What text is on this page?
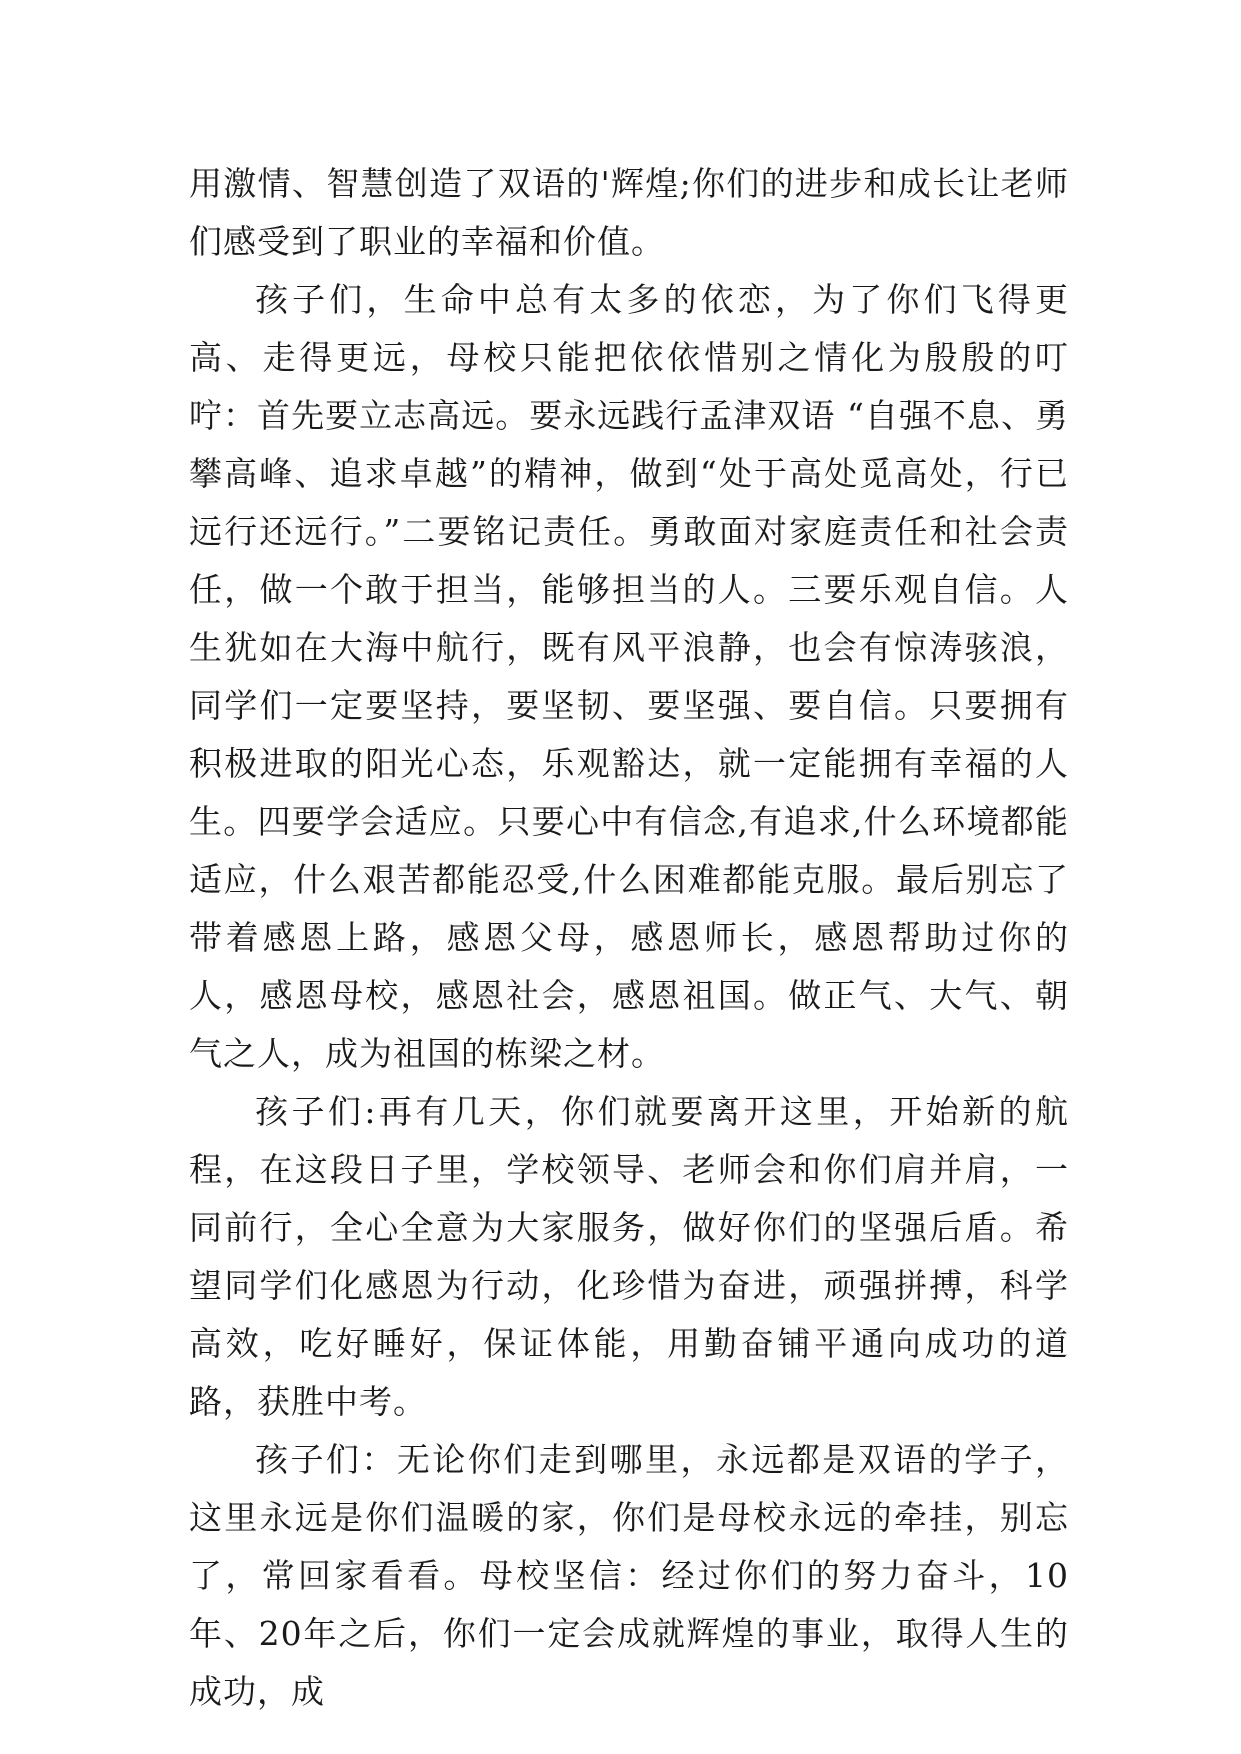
用激情、智慧创造了双语的'辉煌;你们的进步和成长让老师们感受到了职业的幸福和价值。

孩子们，生命中总有太多的依恋，为了你们飞得更高、走得更远，母校只能把依依惜别之情化为殷殷的叮咛：首先要立志高远。要永远践行孟津双语 “自强不息、勇攀高峰、追求卓越”的精神，做到“处于高处觅高处，行已远行还远行。”二要铭记责任。勇敢面对家庭责任和社会责任，做一个敢于担当，能够担当的人。三要乐观自信。人生犹如在大海中航行，既有风平浪静，也会有惊涛骇浪，同学们一定要坚持，要坚韧、要坚强、要自信。只要拥有积极进取的阳光心态，乐观豁达，就一定能拥有幸福的人生。四要学会适应。只要心中有信念,有追求,什么环境都能适应，什么艰苦都能忍受,什么困难都能克服。最后别忘了带着感恩上路，感恩父母，感恩师长，感恩帮助过你的人，感恩母校，感恩社会，感恩祖国。做正气、大气、朝气之人，成为祖国的栋梁之材。

孩子们:再有几天，你们就要离开这里，开始新的航程，在这段日子里，学校领导、老师会和你们肩并肩，一同前行，全心全意为大家服务，做好你们的坚强后盾。希望同学们化感恩为行动，化珍惜为奋进，顽强拼搏，科学高效，吃好睡好，保证体能，用勤奋铺平通向成功的道路，获胜中考。

孩子们：无论你们走到哪里，永远都是双语的学子，这里永远是你们温暖的家，你们是母校永远的牵挂，别忘了，常回家看看。母校坚信：经过你们的努力奋斗，10年、20年之后，你们一定会成就辉煌的事业，取得人生的成功，成
